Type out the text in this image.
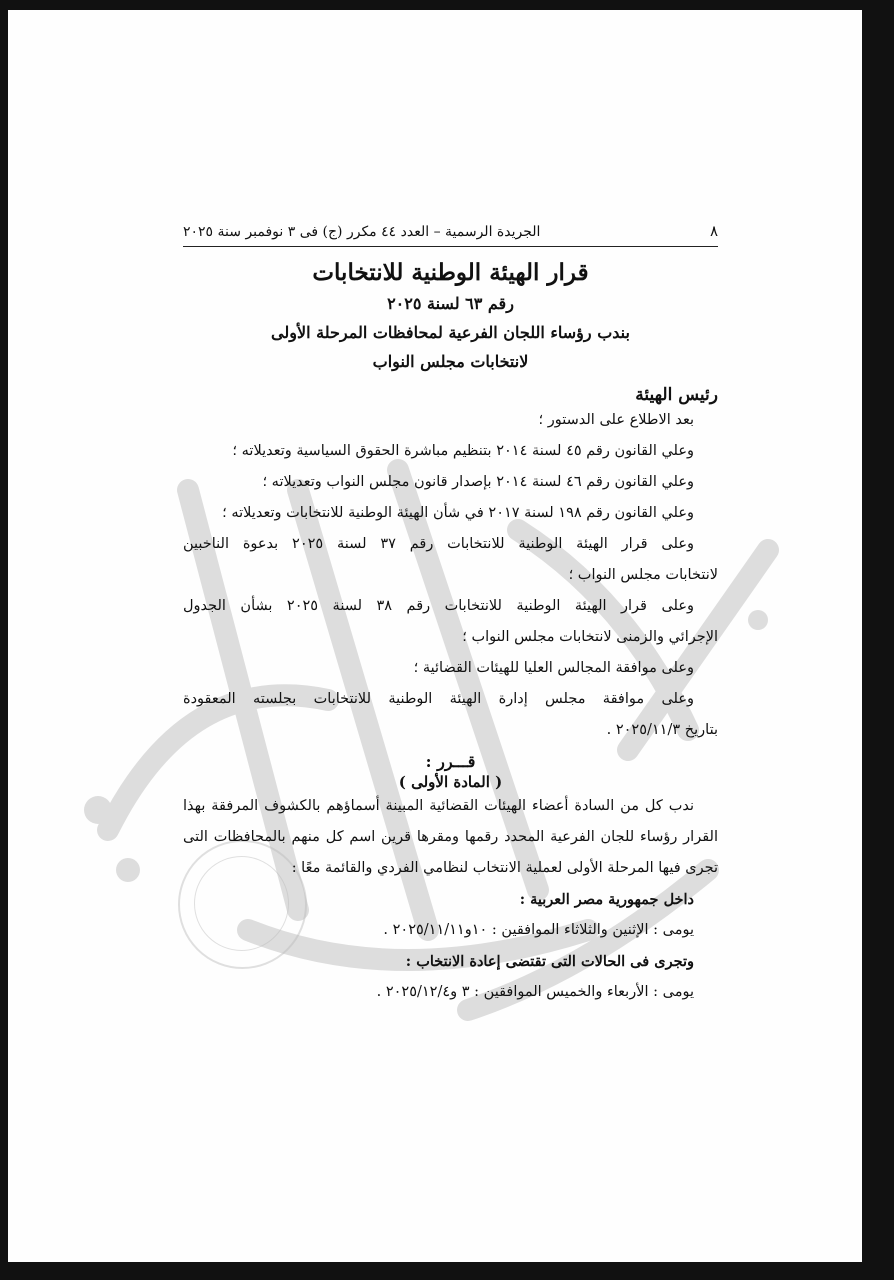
٨
الجريدة الرسمية – العدد ٤٤ مكرر (ج) فى ٣ نوفمبر سنة ٢٠٢٥
قرار الهيئة الوطنية للانتخابات
رقم ٦٣ لسنة ٢٠٢٥
بندب رؤساء اللجان الفرعية لمحافظات المرحلة الأولى
لانتخابات مجلس النواب
رئيس الهيئة

بعد الاطلاع على الدستور ؛

وعلي القانون رقم ٤٥ لسنة ٢٠١٤ بتنظيم مباشرة الحقوق السياسية وتعديلاته ؛

وعلي القانون رقم ٤٦ لسنة ٢٠١٤ بإصدار قانون مجلس النواب وتعديلاته ؛

وعلي القانون رقم ١٩٨ لسنة ٢٠١٧ في شأن الهيئة الوطنية للانتخابات وتعديلاته ؛

وعلى قرار الهيئة الوطنية للانتخابات رقم ٣٧ لسنة ٢٠٢٥ بدعوة الناخبين

لانتخابات مجلس النواب ؛

وعلى قرار الهيئة الوطنية للانتخابات رقم ٣٨ لسنة ٢٠٢٥ بشأن الجدول

الإجرائي والزمنى لانتخابات مجلس النواب ؛

وعلى موافقة المجالس العليا للهيئات القضائية ؛

وعلى موافقة مجلس إدارة الهيئة الوطنية للانتخابات بجلسته المعقودة

بتاريخ ٢٠٢٥/١١/٣ .

قـــرر :
( المادة الأولى )

ندب كل من السادة أعضاء الهيئات القضائية المبينة أسماؤهم بالكشوف المرفقة بهذا

القرار رؤساء للجان الفرعية المحدد رقمها ومقرها قرين اسم كل منهم بالمحافظات التى

تجرى فيها المرحلة الأولى لعملية الانتخاب لنظامي الفردي والقائمة معًا :

داخل جمهورية مصر العربية :

يومى : الإثنين والثلاثاء الموافقين : ١٠و٢٠٢٥/١١/١١ .

وتجرى فى الحالات التى تقتضى إعادة الانتخاب :

يومى : الأربعاء والخميس الموافقين : ٣ و٢٠٢٥/١٢/٤ .
